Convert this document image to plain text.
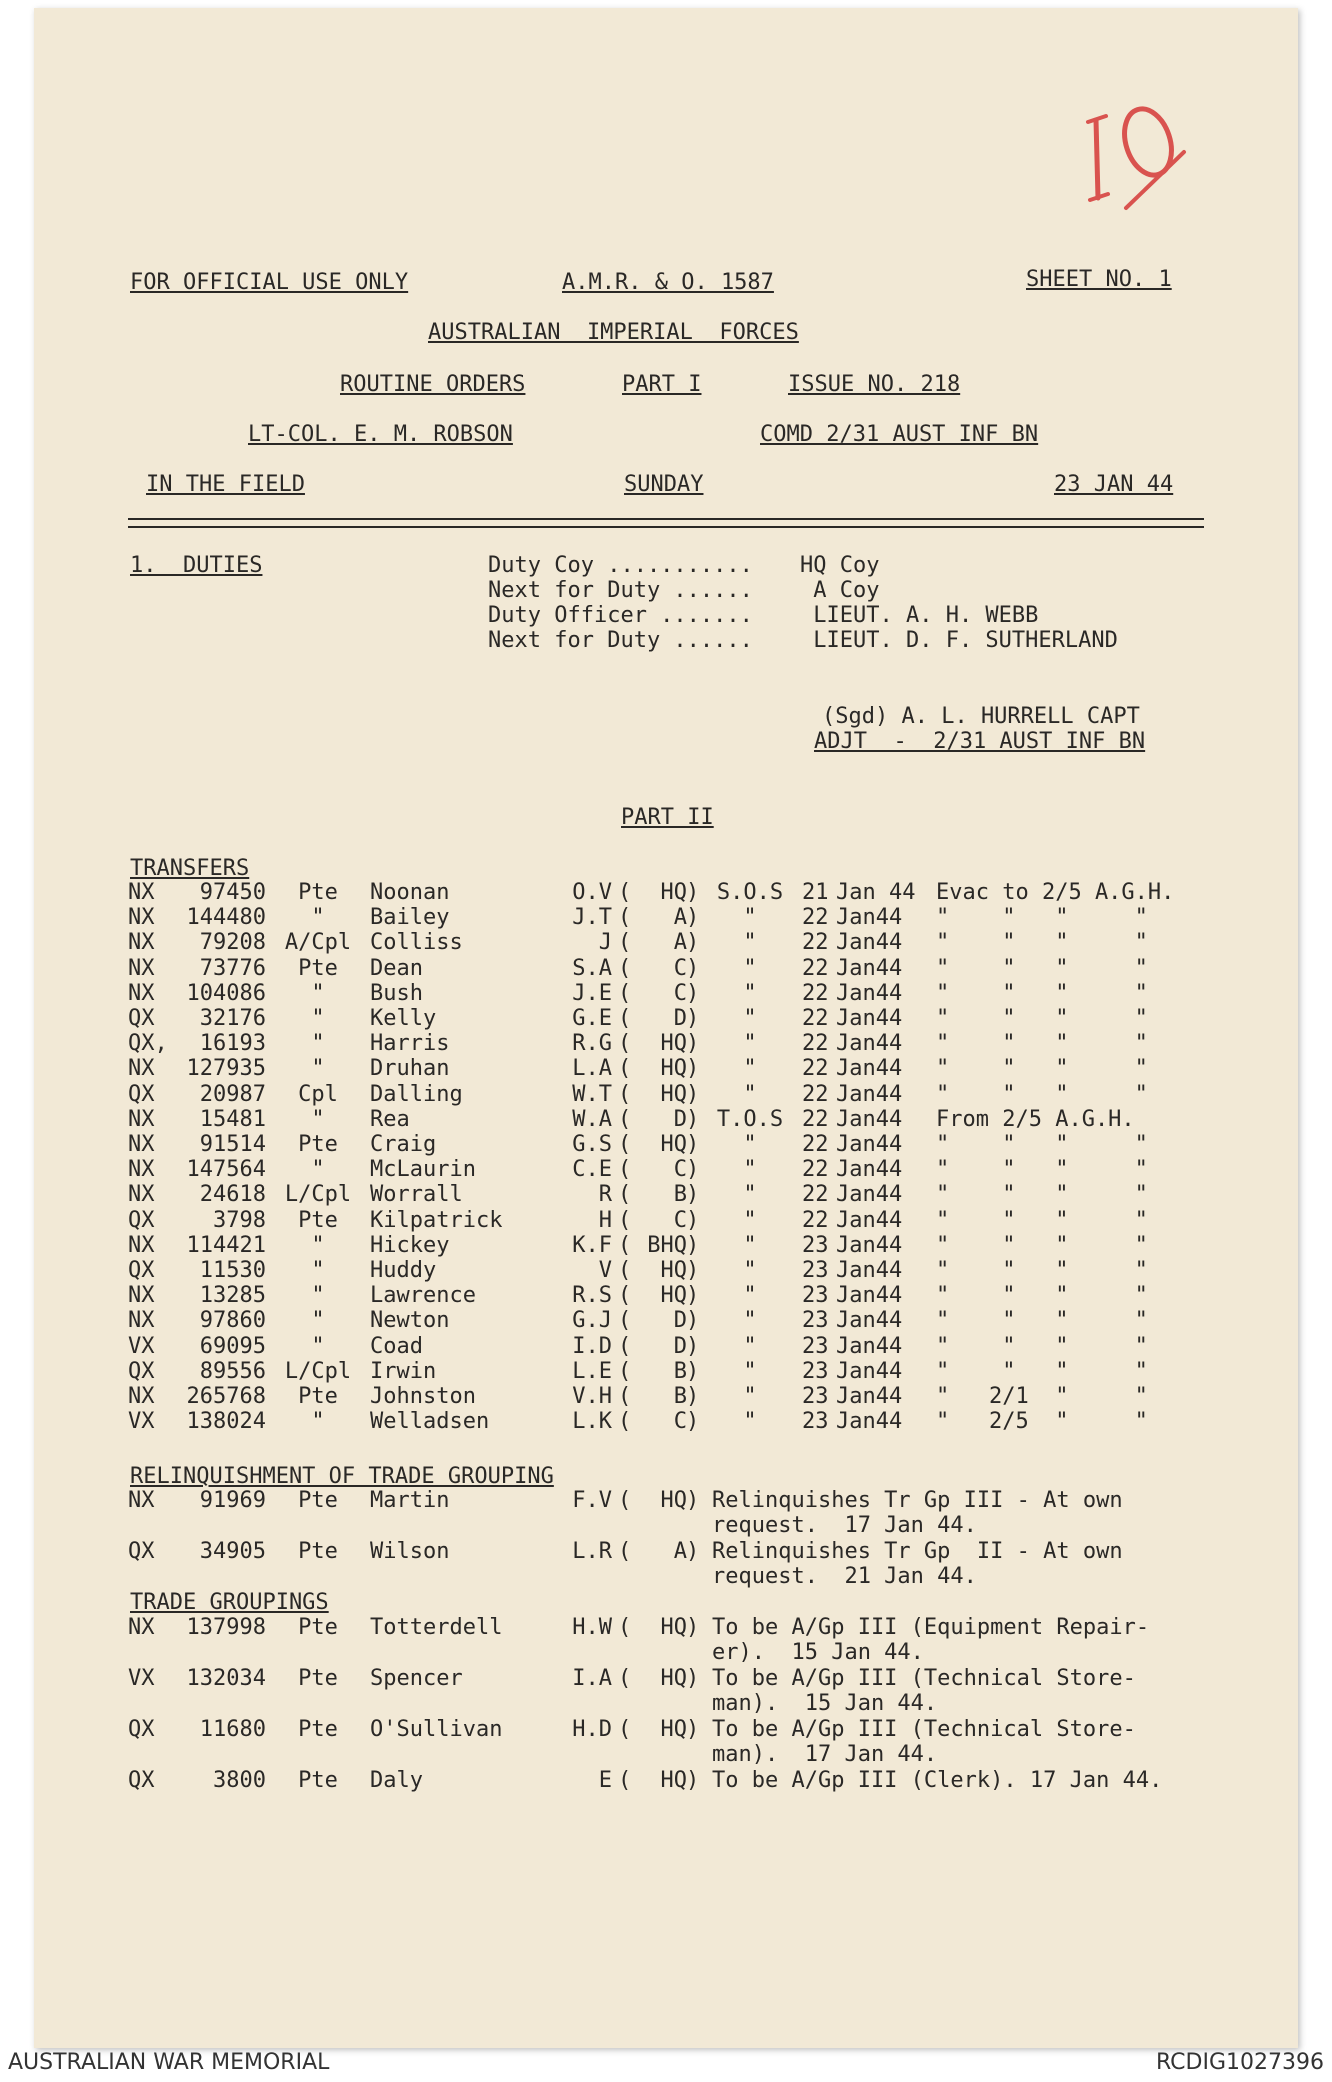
10
FOR OFFICIAL USE ONLY	A.M.R. & O. 1587	SHEET NO. 1
AUSTRALIAN  IMPERIAL  FORCES
ROUTINE ORDERS	PART I	ISSUE NO. 218
LT-COL. E. M. ROBSON	COMD 2/31 AUST INF BN
IN THE FIELD	SUNDAY	23 JAN 44
1.  DUTIES	Duty Coy ........... HQ Coy
Next for Duty ...... A Coy
Duty Officer ....... LIEUT. A. H. WEBB
Next for Duty ...... LIEUT. D. F. SUTHERLAND
(Sgd) A. L. HURRELL CAPT
ADJT  -  2/31 AUST INF BN
PART II
TRANSFERS
NX	97450	Pte	Noonan	O.V (	HQ ) S.O.S 21 Jan 44 Evac to 2/5 A.G.H.
NX	144480	"	Bailey	J.T (	A )	"	22 Jan44 "    "   "     "
NX	79208 A/Cpl Colliss	J (	A )	"	22 Jan44 "    "   "     "
NX	73776	Pte	Dean	S.A (	C )	"	22 Jan44 "    "   "     "
NX	104086	"	Bush	J.E (	C )	"	22 Jan44 "    "   "     "
QX	32176	"	Kelly	G.E (	D )	"	22 Jan44 "    "   "     "
QX,	16193	"	Harris	R.G (	HQ )	"	22 Jan44 "    "   "     "
NX	127935	"	Druhan	L.A (	HQ )	"	22 Jan44 "    "   "     "
QX	20987	Cpl	Dalling	W.T (	HQ )	"	22 Jan44 "    "   "     "
NX	15481	"	Rea	W.A (	D ) T.O.S 22 Jan44 From 2/5 A.G.H.
NX	91514	Pte	Craig	G.S (	HQ )	"	22 Jan44 "    "   "     "
NX	147564	"	McLaurin	C.E (	C )	"	22 Jan44 "    "   "     "
NX	24618 L/Cpl Worrall	R (	B )	"	22 Jan44 "    "   "     "
QX	3798	Pte	Kilpatrick	H (	C )	"	22 Jan44 "    "   "     "
NX	114421	"	Hickey	K.F ( BHQ )	"	23 Jan44 "    "   "     "
QX	11530	"	Huddy	V (	HQ )	"	23 Jan44 "    "   "     "
NX	13285	"	Lawrence	R.S (	HQ )	"	23 Jan44 "    "   "     "
NX	97860	"	Newton	G.J (	D )	"	23 Jan44 "    "   "     "
VX	69095	"	Coad	I.D (	D )	"	23 Jan44 "    "   "     "
QX	89556 L/Cpl Irwin	L.E (	B )	"	23 Jan44 "    "   "     "
NX	265768	Pte	Johnston	V.H (	B )	"	23 Jan44 "   2/1  "     "
VX	138024	"	Welladsen	L.K (	C )	"	23 Jan44 "   2/5  "     "
RELINQUISHMENT OF TRADE GROUPING
NX	91969	Pte	Martin	F.V (	HQ ) Relinquishes Tr Gp III - At own
request.  17 Jan 44.
QX	34905	Pte	Wilson	L.R (	A ) Relinquishes Tr Gp  II - At own
request.  21 Jan 44.
TRADE GROUPINGS
NX	137998	Pte	Totterdell	H.W (	HQ ) To be A/Gp III (Equipment Repair-
er).  15 Jan 44.
VX	132034	Pte	Spencer	I.A (	HQ ) To be A/Gp III (Technical Store-
man).  15 Jan 44.
QX	11680	Pte	O'Sullivan	H.D (	HQ ) To be A/Gp III (Technical Store-
man).  17 Jan 44.
QX	3800	Pte	Daly	E (	HQ ) To be A/Gp III (Clerk). 17 Jan 44.
AUSTRALIAN WAR MEMORIAL	RCDIG1027396
